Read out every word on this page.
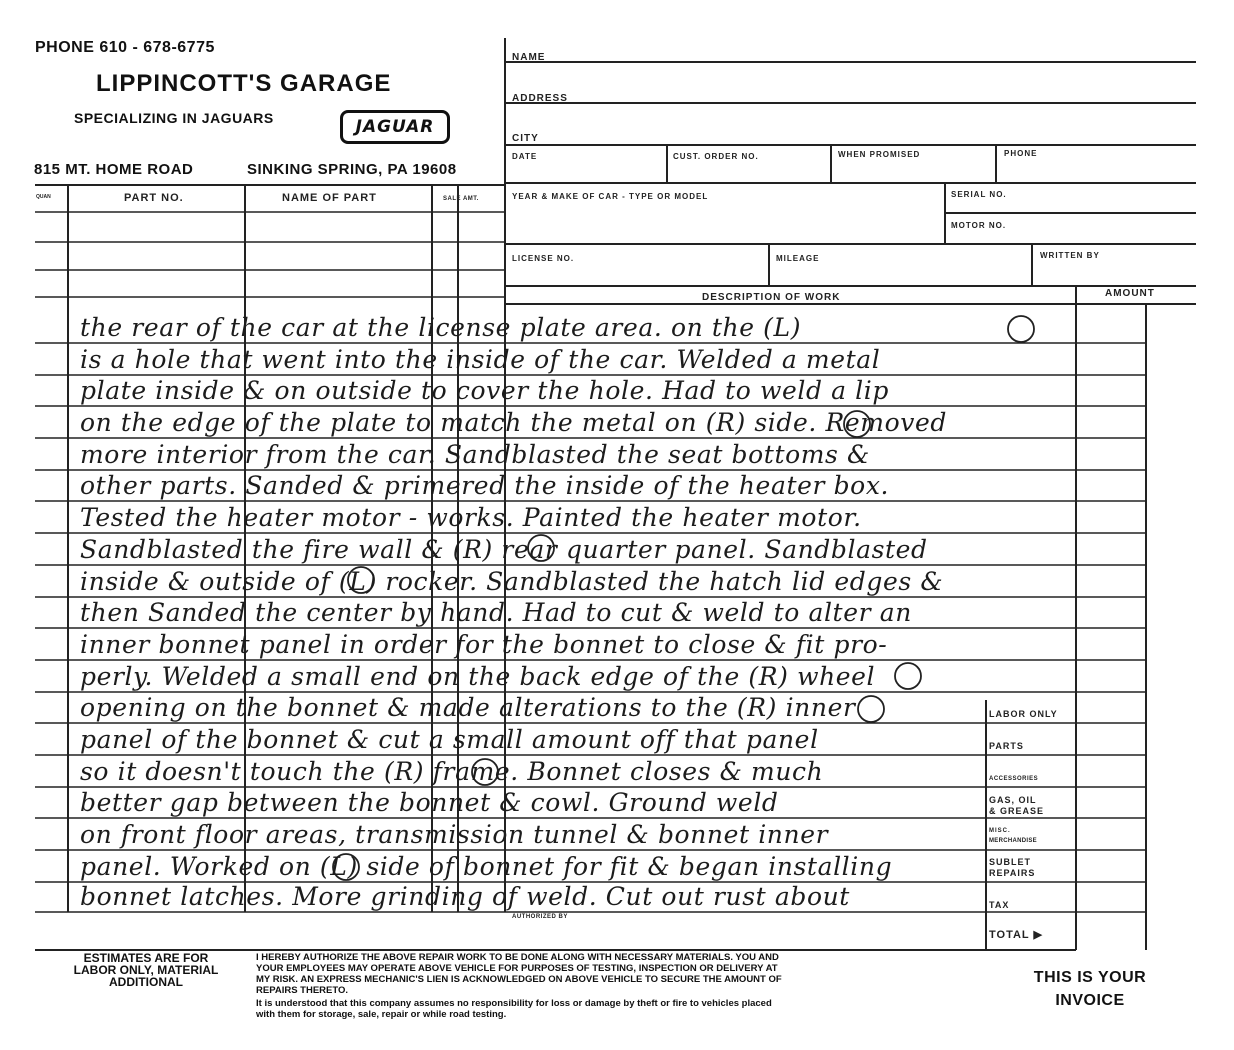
PHONE 610 - 678-6775
LIPPINCOTT'S GARAGE
SPECIALIZING IN JAGUARS	JAGUAR
815 MT. HOME ROAD	SINKING SPRING, PA 19608
NAME
ADDRESS
CITY
DATE	CUST. ORDER NO.	WHEN PROMISED	PHONE
YEAR & MAKE OF CAR - TYPE OR MODEL	SERIAL NO.
MOTOR NO.
LICENSE NO.	MILEAGE	WRITTEN BY
QUAN	PART NO.	NAME OF PART	SALE AMT.
DESCRIPTION OF WORK	AMOUNT
the rear of the car at the license plate area. on the (L)
is a hole that went into the inside of the car. Welded a metal
plate inside & on outside to cover the hole. Had to weld a lip
on the edge of the plate to match the metal on (R) side. Removed
more interior from the car. Sandblasted the seat bottoms &
other parts. Sanded & primered the inside of the heater box.
Tested the heater motor - works. Painted the heater motor.
Sandblasted the fire wall & (R) rear quarter panel. Sandblasted
inside & outside of (L) rocker. Sandblasted the hatch lid edges &
then Sanded the center by hand. Had to cut & weld to alter an
inner bonnet panel in order for the bonnet to close & fit pro-
perly. Welded a small end on the back edge of the (R) wheel
opening on the bonnet & made alterations to the (R) inner
panel of the bonnet & cut a small amount off that panel
so it doesn't touch the (R) frame. Bonnet closes & much
better gap between the bonnet & cowl. Ground weld
on front floor areas, transmission tunnel & bonnet inner
panel. Worked on (L) side of bonnet for fit & began installing
bonnet latches. More grinding of weld. Cut out rust about
AUTHORIZED BY
LABOR ONLY
PARTS
ACCESSORIES
GAS, OIL
& GREASE
MISC.
MERCHANDISE
SUBLET
REPAIRS
TAX
TOTAL ▶
ESTIMATES ARE FOR
LABOR ONLY, MATERIAL
ADDITIONAL
I HEREBY AUTHORIZE THE ABOVE REPAIR WORK TO BE DONE ALONG WITH NECESSARY MATERIALS. YOU AND
YOUR EMPLOYEES MAY OPERATE ABOVE VEHICLE FOR PURPOSES OF TESTING, INSPECTION OR DELIVERY AT
MY RISK. AN EXPRESS MECHANIC'S LIEN IS ACKNOWLEDGED ON ABOVE VEHICLE TO SECURE THE AMOUNT OF
REPAIRS THERETO.
It is understood that this company assumes no responsibility for loss or damage by theft or fire to vehicles placed
with them for storage, sale, repair or while road testing.
THIS IS YOUR
INVOICE
